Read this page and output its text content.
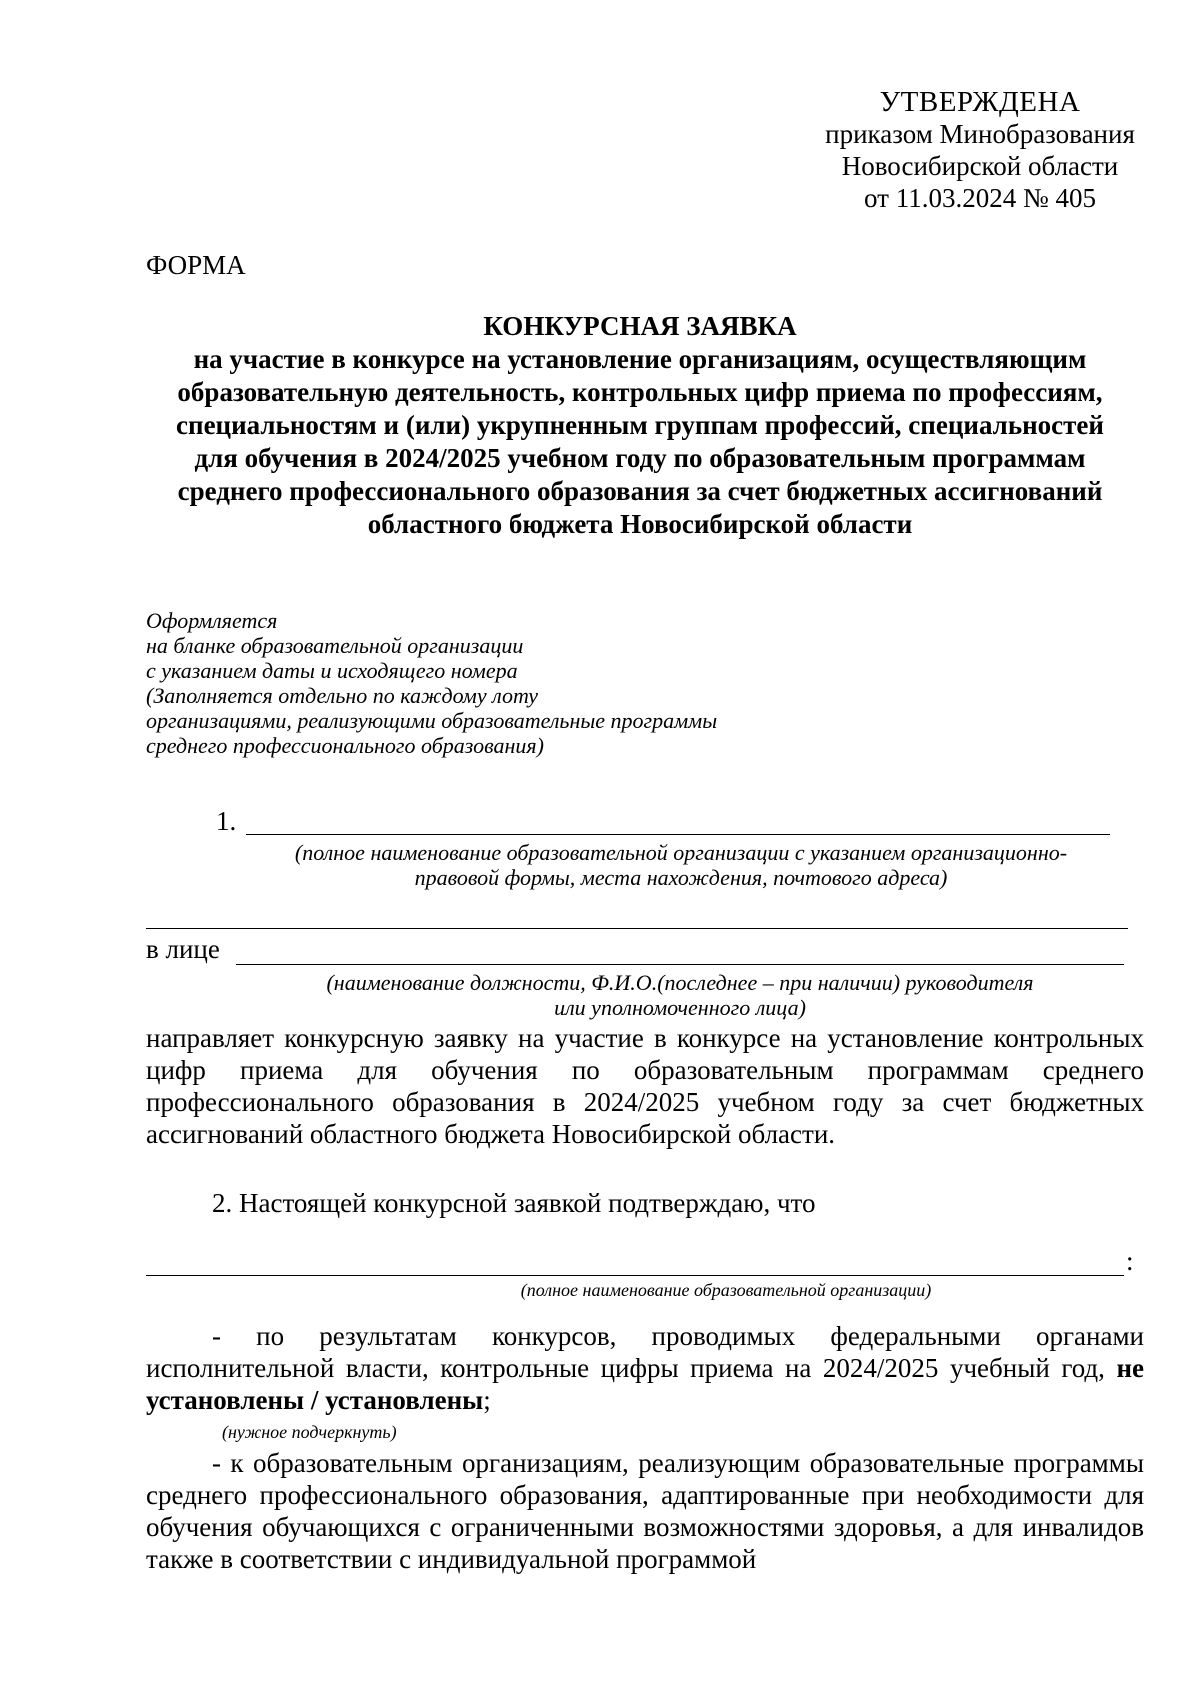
УТВЕРЖДЕНА
приказом Минобразования
Новосибирской области
от 11.03.2024 № 405
ФОРМА
КОНКУРСНАЯ ЗАЯВКА
на участие в конкурсе на установление организациям, осуществляющим
образовательную деятельность, контрольных цифр приема по профессиям,
специальностям и (или) укрупненным группам профессий, специальностей
для обучения в 2024/2025 учебном году по образовательным программам
среднего профессионального образования за счет бюджетных ассигнований
областного бюджета Новосибирской области
Оформляется
на бланке образовательной организации
с указанием даты и исходящего номера
(Заполняется отдельно по каждому лоту
организациями, реализующими образовательные программы
среднего профессионального образования)
1.
(полное наименование образовательной организации с указанием организационно-
правовой формы, места нахождения, почтового адреса)
в лице
(наименование должности, Ф.И.О.(последнее – при наличии) руководителя
или уполномоченного лица)
направляет конкурсную заявку на участие в конкурсе на установление контрольных цифр приема для обучения по образовательным программам среднего профессионального образования в 2024/2025 учебном году за счет бюджетных ассигнований областного бюджета Новосибирской области.
2. Настоящей конкурсной заявкой подтверждаю, что
:
(полное наименование образовательной организации)
- по результатам конкурсов, проводимых федеральными органами исполнительной власти, контрольные цифры приема на 2024/2025 учебный год, не установлены / установлены;
(нужное подчеркнуть)
- к образовательным организациям, реализующим образовательные программы среднего профессионального образования, адаптированные при необходимости для обучения обучающихся с ограниченными возможностями здоровья, а для инвалидов также в соответствии с индивидуальной программой
